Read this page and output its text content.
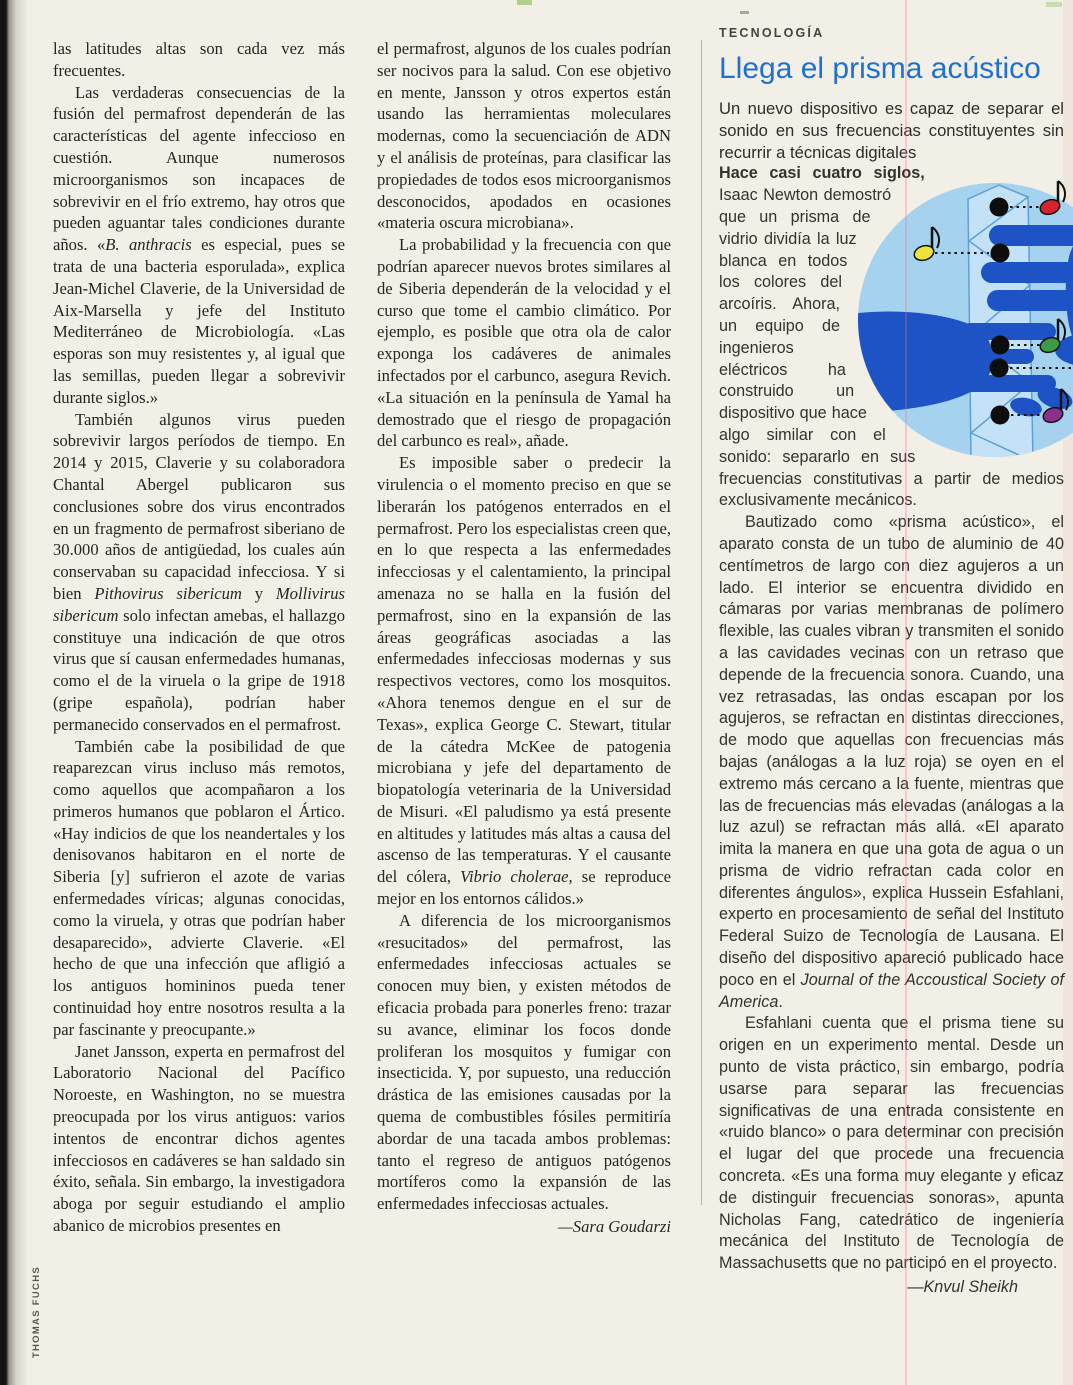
THOMAS FUCHS

las latitudes altas son cada vez más frecuentes.

Las verdaderas consecuencias de la fusión del permafrost dependerán de las características del agente infeccioso en cuestión. Aunque numerosos microorganismos son incapaces de sobrevivir en el frío extremo, hay otros que pueden aguantar tales condiciones durante años. «B. anthracis es especial, pues se trata de una bacteria esporulada», explica Jean-Michel Claverie, de la Universidad de Aix-Marsella y jefe del Instituto Mediterráneo de Microbiología. «Las esporas son muy resistentes y, al igual que las semillas, pueden llegar a sobrevivir durante siglos.»

También algunos virus pueden sobrevivir largos períodos de tiempo. En 2014 y 2015, Claverie y su colaboradora Chantal Abergel publicaron sus conclusiones sobre dos virus encontrados en un fragmento de permafrost siberiano de 30.000 años de antigüedad, los cuales aún conservaban su capacidad infecciosa. Y si bien Pithovirus sibericum y Mollivirus sibericum solo infectan amebas, el hallazgo constituye una indicación de que otros virus que sí causan enfermedades humanas, como el de la viruela o la gripe de 1918 (gripe española), podrían haber permanecido conservados en el permafrost.

También cabe la posibilidad de que reaparezcan virus incluso más remotos, como aquellos que acompañaron a los primeros humanos que poblaron el Ártico. «Hay indicios de que los neandertales y los denisovanos habitaron en el norte de Siberia [y] sufrieron el azote de varias enfermedades víricas; algunas conocidas, como la viruela, y otras que podrían haber desaparecido», advierte Claverie. «El hecho de que una infección que afligió a los antiguos homininos pueda tener continuidad hoy entre nosotros resulta a la par fascinante y preocupante.»

Janet Jansson, experta en permafrost del Laboratorio Nacional del Pacífico Noroeste, en Washington, no se muestra preocupada por los virus antiguos: varios intentos de encontrar dichos agentes infecciosos en cadáveres se han saldado sin éxito, señala. Sin embargo, la investigadora aboga por seguir estudiando el amplio abanico de microbios presentes en

el permafrost, algunos de los cuales podrían ser nocivos para la salud. Con ese objetivo en mente, Jansson y otros expertos están usando las herramientas moleculares modernas, como la secuenciación de ADN y el análisis de proteínas, para clasificar las propiedades de todos esos microorganismos desconocidos, apodados en ocasiones «materia oscura microbiana».

La probabilidad y la frecuencia con que podrían aparecer nuevos brotes similares al de Siberia dependerán de la velocidad y el curso que tome el cambio climático. Por ejemplo, es posible que otra ola de calor exponga los cadáveres de animales infectados por el carbunco, asegura Revich. «La situación en la península de Yamal ha demostrado que el riesgo de propagación del carbunco es real», añade.

Es imposible saber o predecir la virulencia o el momento preciso en que se liberarán los patógenos enterrados en el permafrost. Pero los especialistas creen que, en lo que respecta a las enfermedades infecciosas y el calentamiento, la principal amenaza no se halla en la fusión del permafrost, sino en la expansión de las áreas geográficas asociadas a las enfermedades infecciosas modernas y sus respectivos vectores, como los mosquitos. «Ahora tenemos dengue en el sur de Texas», explica George C. Stewart, titular de la cátedra McKee de patogenia microbiana y jefe del departamento de biopatología veterinaria de la Universidad de Misuri. «El paludismo ya está presente en altitudes y latitudes más altas a causa del ascenso de las temperaturas. Y el causante del cólera, Vibrio cholerae, se reproduce mejor en los entornos cálidos.»

A diferencia de los microorganismos «resucitados» del permafrost, las enfermedades infecciosas actuales se conocen muy bien, y existen métodos de eficacia probada para ponerles freno: trazar su avance, eliminar los focos donde proliferan los mosquitos y fumigar con insecticida. Y, por supuesto, una reducción drástica de las emisiones causadas por la quema de combustibles fósiles permitiría abordar de una tacada ambos problemas: tanto el regreso de antiguos patógenos mortíferos como la expansión de las enfermedades infecciosas actuales.

—Sara Goudarzi
TECNOLOGÍA
Llega el prisma acústico

Un nuevo dispositivo es capaz de separar el sonido en sus frecuencias constituyentes sin recurrir a técnicas digitales

Hace casi cuatro siglos, Isaac Newton demostró que un prisma de vidrio dividía la luz blanca en todos los colores del arcoíris. Ahora, un equipo de ingenieros eléctricos ha construido un dispositivo que hace algo similar con el sonido: separarlo en sus frecuencias constitutivas a partir de medios exclusivamente mecánicos.

Bautizado como «prisma acústico», el aparato consta de un tubo de aluminio de 40 centímetros de largo con diez agujeros a un lado. El interior se encuentra dividido en cámaras por varias membranas de polímero flexible, las cuales vibran y transmiten el sonido a las cavidades vecinas con un retraso que depende de la frecuencia sonora. Cuando, una vez retrasadas, las ondas escapan por los agujeros, se refractan en distintas direcciones, de modo que aquellas con frecuencias más bajas (análogas a la luz roja) se oyen en el extremo más cercano a la fuente, mientras que las de frecuencias más elevadas (análogas a la luz azul) se refractan más allá. «El aparato imita la manera en que una gota de agua o un prisma de vidrio refractan cada color en diferentes ángulos», explica Hussein Esfahlani, experto en procesamiento de señal del Instituto Federal Suizo de Tecnología de Lausana. El diseño del dispositivo apareció publicado hace poco en el Journal of the Accoustical Society of America.

Esfahlani cuenta que el prisma tiene su origen en un experimento mental. Desde un punto de vista práctico, sin embargo, podría usarse para separar las frecuencias significativas de una entrada consistente en «ruido blanco» o para determinar con precisión el lugar del que procede una frecuencia concreta. «Es una forma muy elegante y eficaz de distinguir frecuencias sonoras», apunta Nicholas Fang, catedrático de ingeniería mecánica del Instituto de Tecnología de Massachusetts que no participó en el proyecto.

—Knvul Sheikh
